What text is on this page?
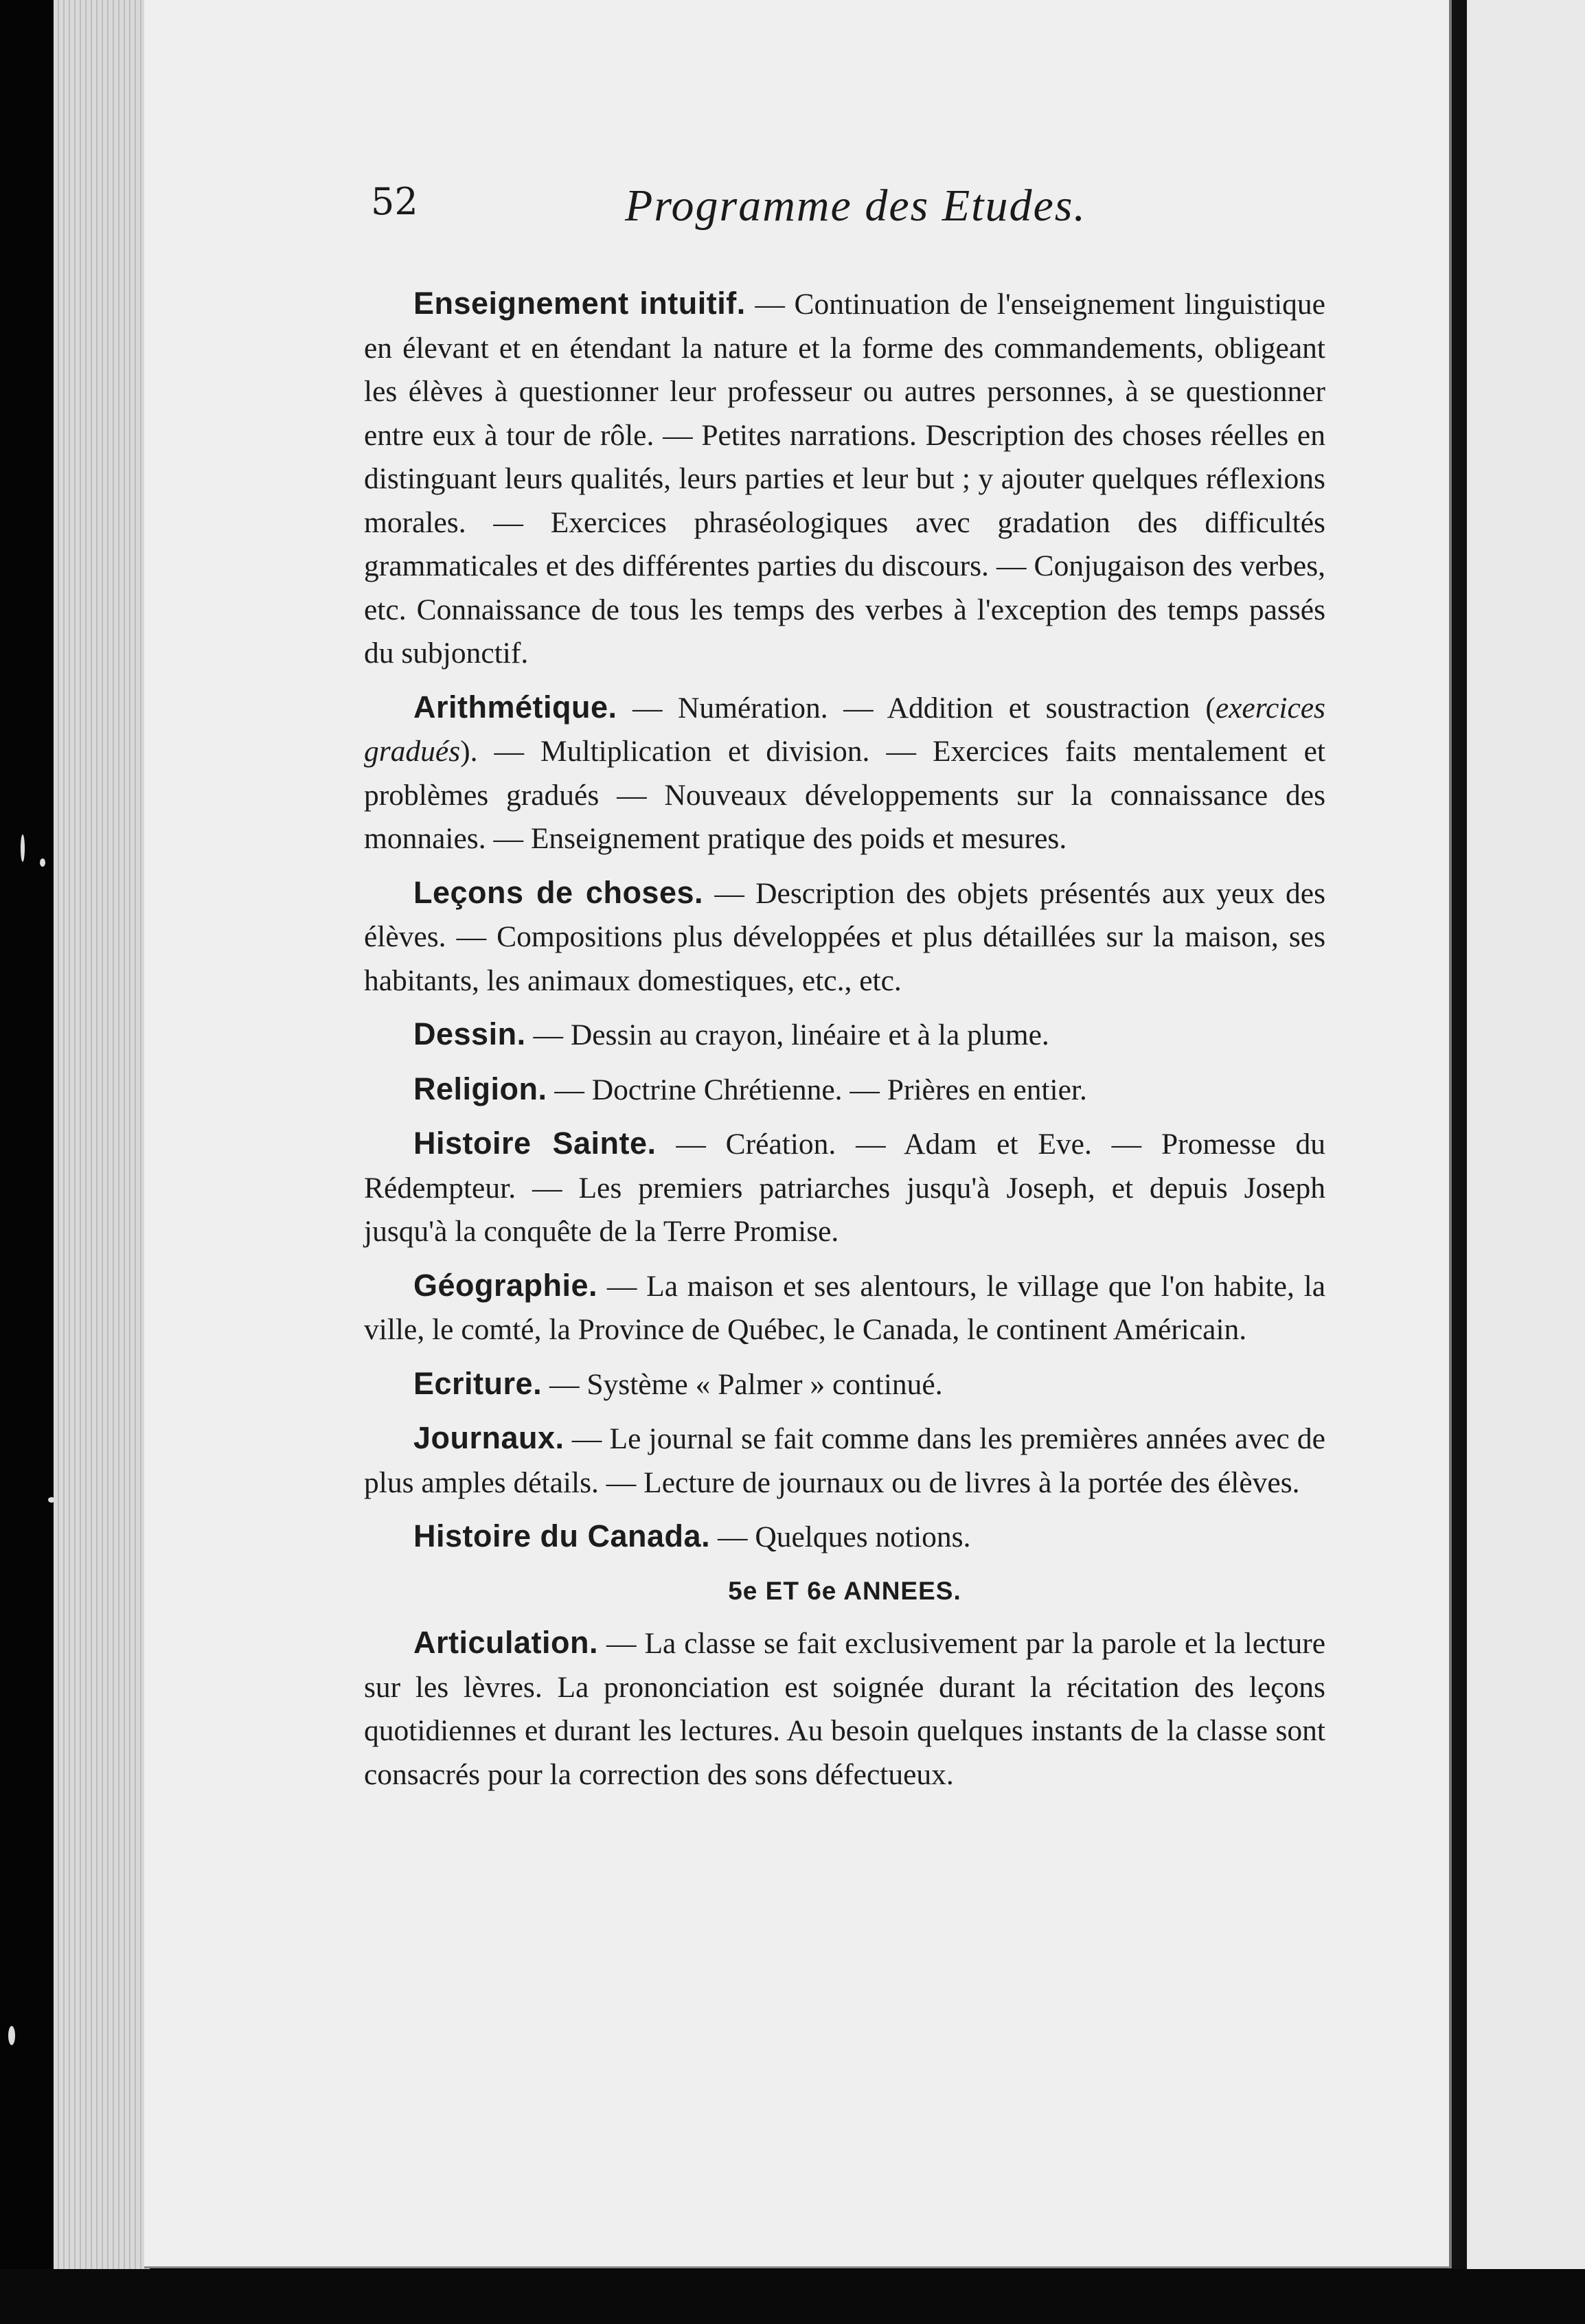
52	Programme des Etudes.

Enseignement intuitif. — Continuation de l'enseignement linguistique en élevant et en étendant la nature et la forme des commandements, obligeant les élèves à questionner leur professeur ou autres personnes, à se questionner entre eux à tour de rôle. — Petites narrations. Description des choses réelles en distinguant leurs qualités, leurs parties et leur but ; y ajouter quelques réflexions morales. — Exercices phraséologiques avec gradation des difficultés grammaticales et des différentes parties du discours. — Conjugaison des verbes, etc. Connaissance de tous les temps des verbes à l'exception des temps passés du subjonctif.

Arithmétique. — Numération. — Addition et soustraction (exercices gradués). — Multiplication et division. — Exercices faits mentalement et problèmes gradués — Nouveaux développements sur la connaissance des monnaies. — Enseignement pratique des poids et mesures.

Leçons de choses. — Description des objets présentés aux yeux des élèves. — Compositions plus développées et plus détaillées sur la maison, ses habitants, les animaux domestiques, etc., etc.

Dessin. — Dessin au crayon, linéaire et à la plume.

Religion. — Doctrine Chrétienne. — Prières en entier.

Histoire Sainte. — Création. — Adam et Eve. — Promesse du Rédempteur. — Les premiers patriarches jusqu'à Joseph, et depuis Joseph jusqu'à la conquête de la Terre Promise.

Géographie. — La maison et ses alentours, le village que l'on habite, la ville, le comté, la Province de Québec, le Canada, le continent Américain.

Ecriture. — Système « Palmer » continué.

Journaux. — Le journal se fait comme dans les premières années avec de plus amples détails. — Lecture de journaux ou de livres à la portée des élèves.

Histoire du Canada. — Quelques notions.

5e ET 6e ANNEES.

Articulation. — La classe se fait exclusivement par la parole et la lecture sur les lèvres. La prononciation est soignée durant la récitation des leçons quotidiennes et durant les lectures. Au besoin quelques instants de la classe sont consacrés pour la correction des sons défectueux.
